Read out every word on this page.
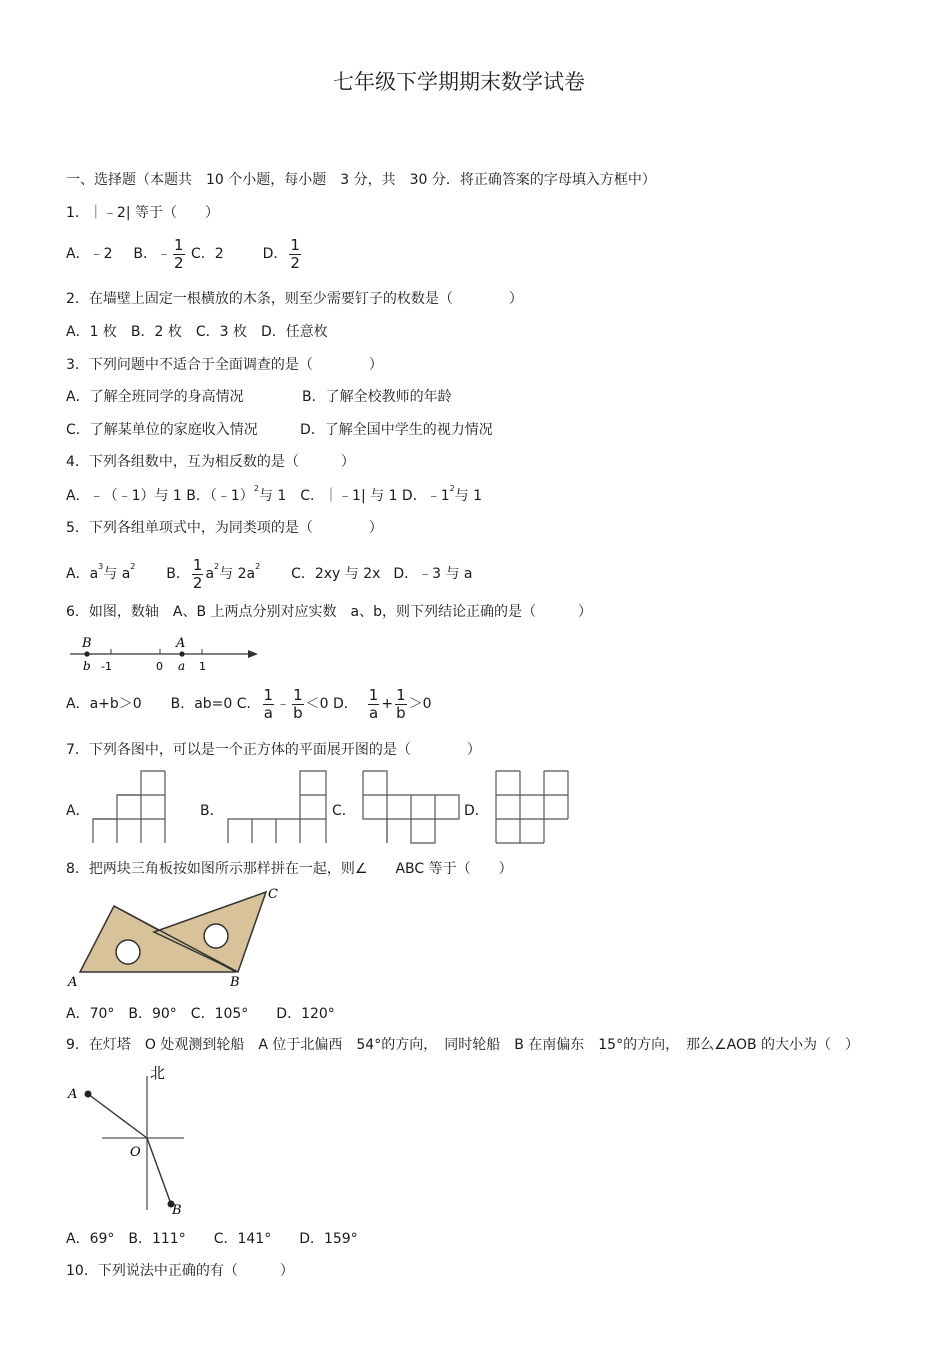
七年级下学期期末数学试卷
一、选择题（本题共　10 个小题，每小题　3 分，共　30 分．将正确答案的字母填入方框中）
1．｜﹣2| 等于（　　）
A．﹣2 B．﹣ $\frac{1}{2}$ C．2	D． $\frac{1}{2}$
2．在墙壁上固定一根横放的木条，则至少需要钉子的枚数是（　　　　）
A．1 枚　B．2 枚　C．3 枚　D．任意枚
3．下列问题中不适合于全面调查的是（　　　　）
A．了解全班同学的身高情况	B．了解全校教师的年龄
C．了解某单位的家庭收入情况	D．了解全国中学生的视力情况
4．下列各组数中，互为相反数的是（　　　）
A．﹣（﹣1）与 1 B．（﹣1）$^2$与 1　C．｜﹣1| 与 1 D．$﹣1^2$与 1
5．下列各组单项式中，为同类项的是（　　　　）
A．$a^3$与 $a^2$ B． $\frac{1}{2} a^2$与 $2a^2$ C．2xy 与 2x D．﹣3 与 a
6．如图，数轴　A、B 上两点分别对应实数　a、b，则下列结论正确的是（　　　）
B	A
b -1	0 a 1
A．a+b＞0 B．ab=0 C． $\frac{1}{a}$ ﹣ $\frac{1}{b} <0$ D． $\frac{1}{a} + \frac{1}{b} >0$
7．下列各图中，可以是一个正方体的平面展开图的是（　　　　）
A．	B．	C．	D．
8．把两块三角板按如图所示那样拼在一起，则∠　　ABC 等于（　　）
A	B
C
A．70°　B．90°　C．105°　　D．120°
9．在灯塔　O 处观测到轮船　A 位于北偏西　54°的方向，　同时轮船　B 在南偏东　15°的方向，　那么∠AOB 的大小为（　）
北
A
O
B
A．69°　B．111°　　C．141°　　D．159°
10．下列说法中正确的有（　　　）
